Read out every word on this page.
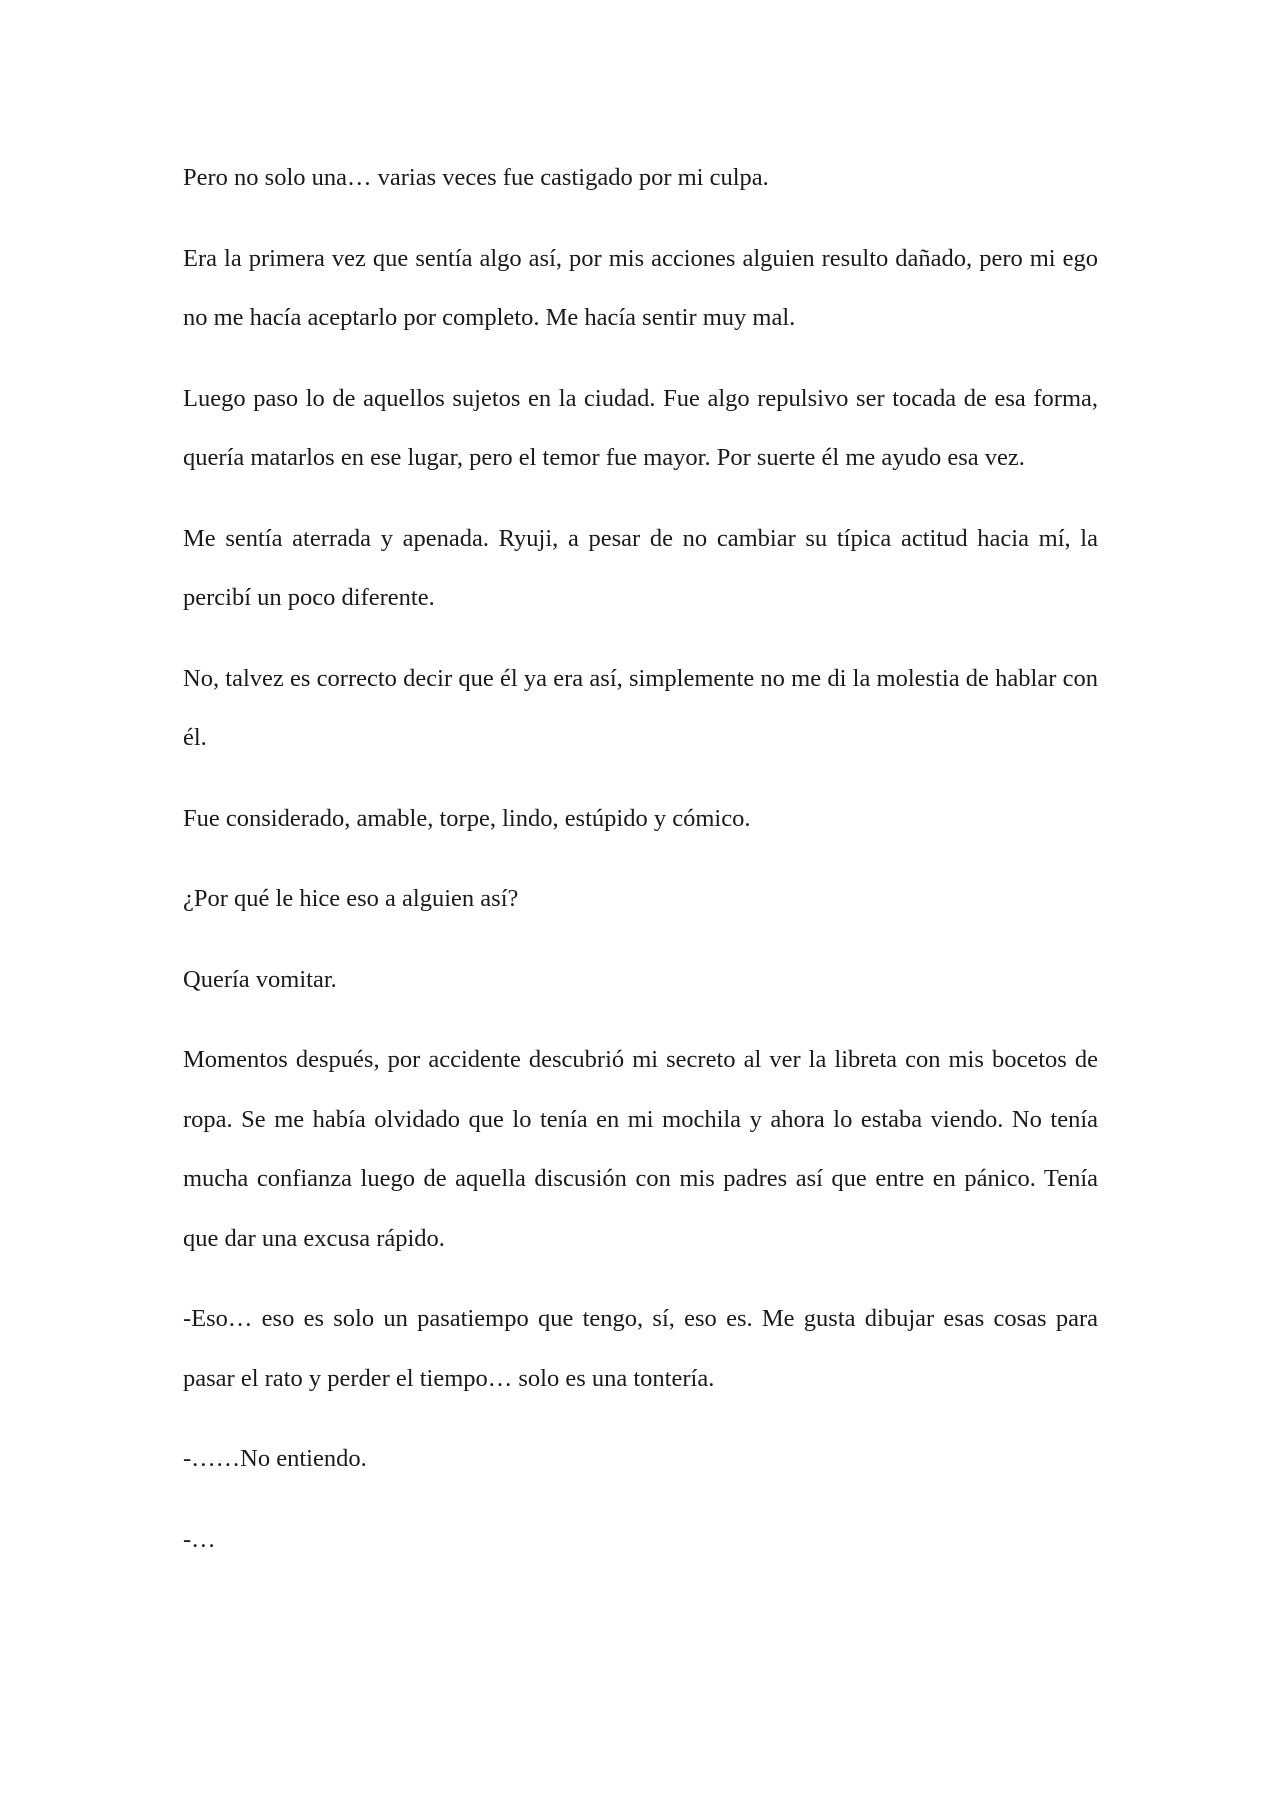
Pero no solo una… varias veces fue castigado por mi culpa.

Era la primera vez que sentía algo así, por mis acciones alguien resulto dañado, pero mi ego no me hacía aceptarlo por completo. Me hacía sentir muy mal.

Luego paso lo de aquellos sujetos en la ciudad. Fue algo repulsivo ser tocada de esa forma, quería matarlos en ese lugar, pero el temor fue mayor. Por suerte él me ayudo esa vez.

Me sentía aterrada y apenada. Ryuji, a pesar de no cambiar su típica actitud hacia mí, la percibí un poco diferente.

No, talvez es correcto decir que él ya era así, simplemente no me di la molestia de hablar con él.

Fue considerado, amable, torpe, lindo, estúpido y cómico.

¿Por qué le hice eso a alguien así?

Quería vomitar.

Momentos después, por accidente descubrió mi secreto al ver la libreta con mis bocetos de ropa. Se me había olvidado que lo tenía en mi mochila y ahora lo estaba viendo. No tenía mucha confianza luego de aquella discusión con mis padres así que entre en pánico. Tenía que dar una excusa rápido.

-Eso… eso es solo un pasatiempo que tengo, sí, eso es. Me gusta dibujar esas cosas para pasar el rato y perder el tiempo… solo es una tontería.

-……No entiendo.

-…
